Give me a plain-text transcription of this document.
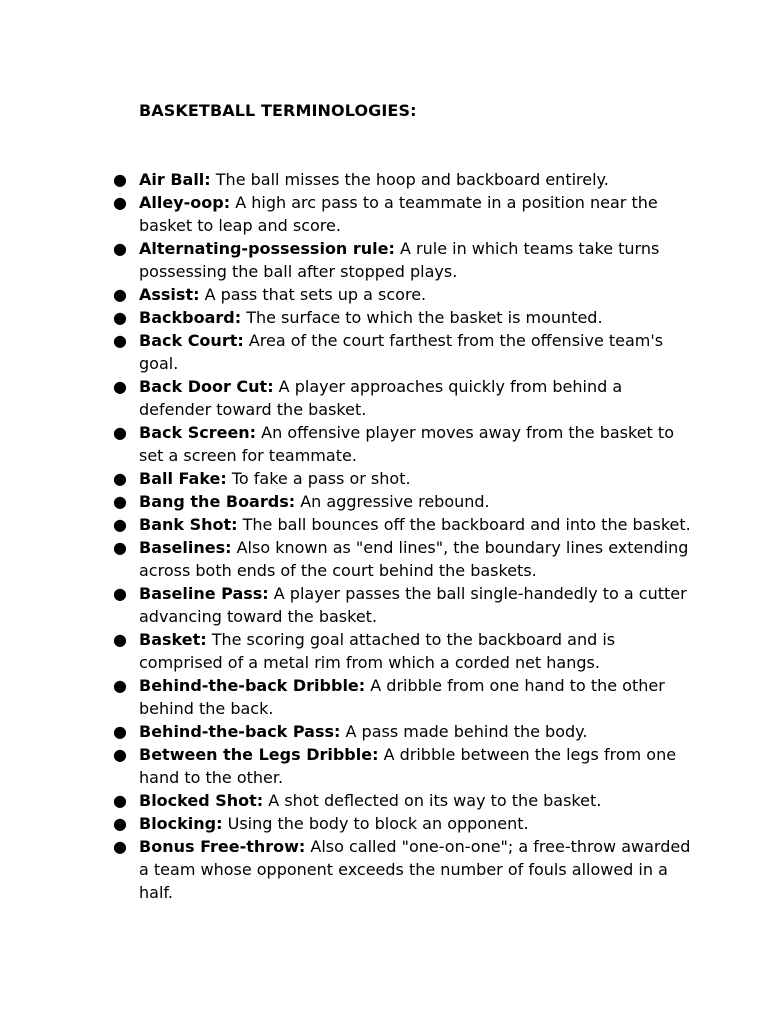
BASKETBALL TERMINOLOGIES:
● Air Ball: The ball misses the hoop and backboard entirely.
● Alley-oop: A high arc pass to a teammate in a position near the basket to leap and score.
● Alternating-possession rule: A rule in which teams take turns possessing the ball after stopped plays.
● Assist: A pass that sets up a score.
● Backboard: The surface to which the basket is mounted.
● Back Court: Area of the court farthest from the offensive team's goal.
● Back Door Cut: A player approaches quickly from behind a defender toward the basket.
● Back Screen: An offensive player moves away from the basket to set a screen for teammate.
● Ball Fake: To fake a pass or shot.
● Bang the Boards: An aggressive rebound.
● Bank Shot: The ball bounces off the backboard and into the basket.
● Baselines: Also known as "end lines", the boundary lines extending across both ends of the court behind the baskets.
● Baseline Pass: A player passes the ball single-handedly to a cutter advancing toward the basket.
● Basket: The scoring goal attached to the backboard and is comprised of a metal rim from which a corded net hangs.
● Behind-the-back Dribble: A dribble from one hand to the other behind the back.
● Behind-the-back Pass: A pass made behind the body.
● Between the Legs Dribble: A dribble between the legs from one hand to the other.
● Blocked Shot: A shot deflected on its way to the basket.
● Blocking: Using the body to block an opponent.
● Bonus Free-throw: Also called "one-on-one"; a free-throw awarded a team whose opponent exceeds the number of fouls allowed in a half.
